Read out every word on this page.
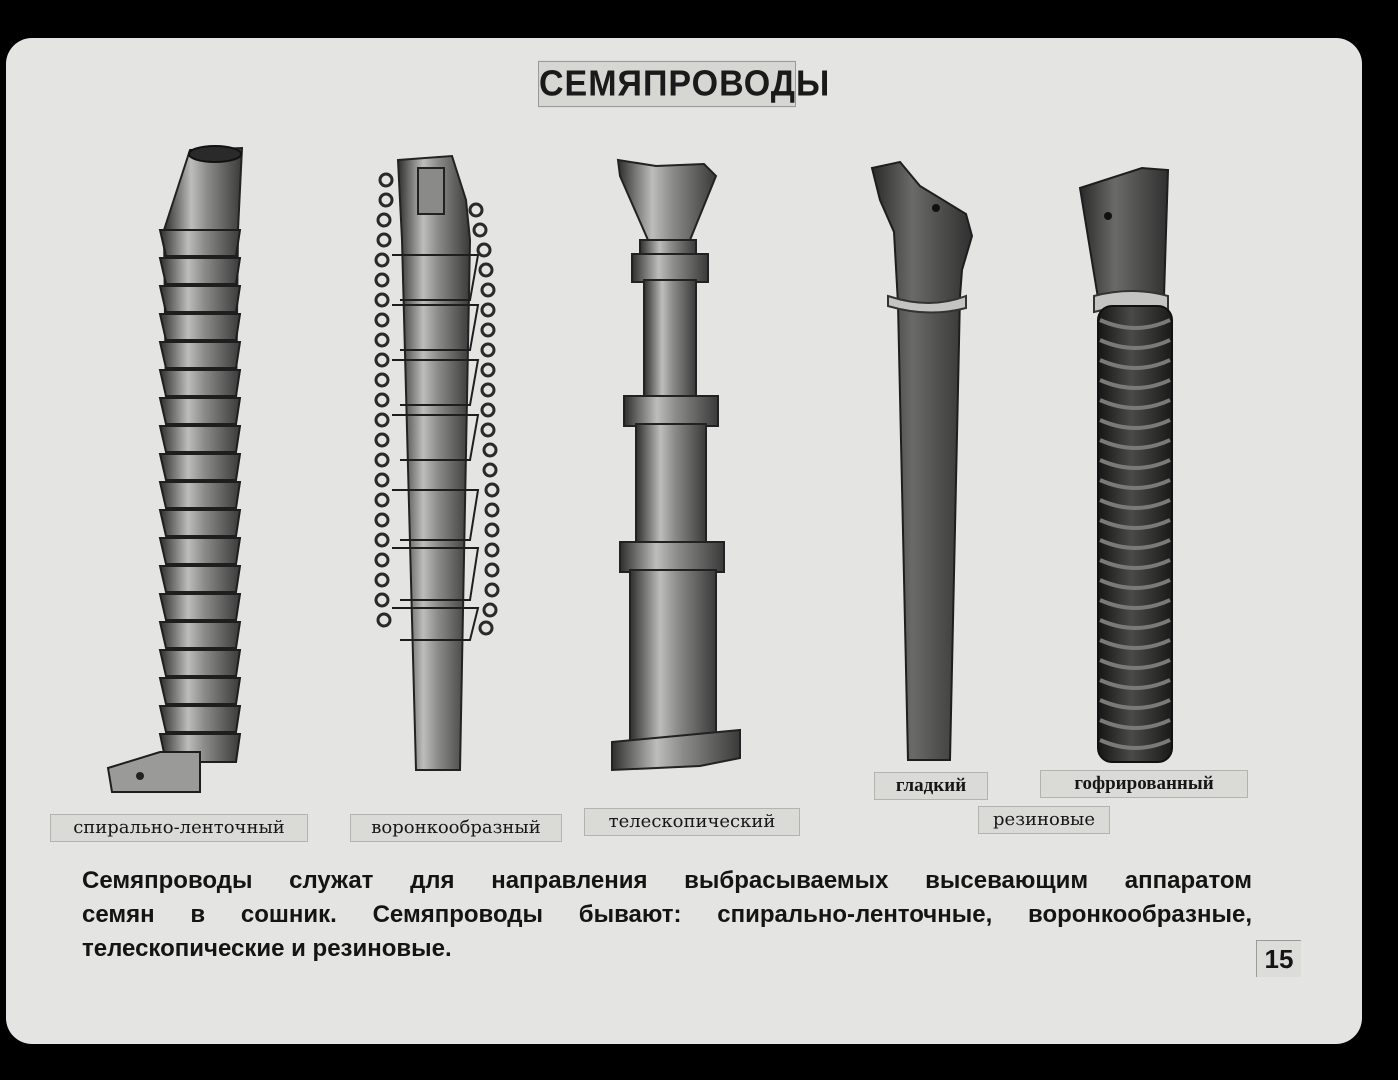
СЕМЯПРОВОДЫ
спирально-ленточный	воронкообразный	телескопический
гладкий	гофрированный
резиновые
Семяпроводы служат для направления выбрасываемых высевающим аппаратом
семян в сошник. Семяпроводы бывают: спирально-ленточные, воронкообразные,
телескопические и резиновые.	15
